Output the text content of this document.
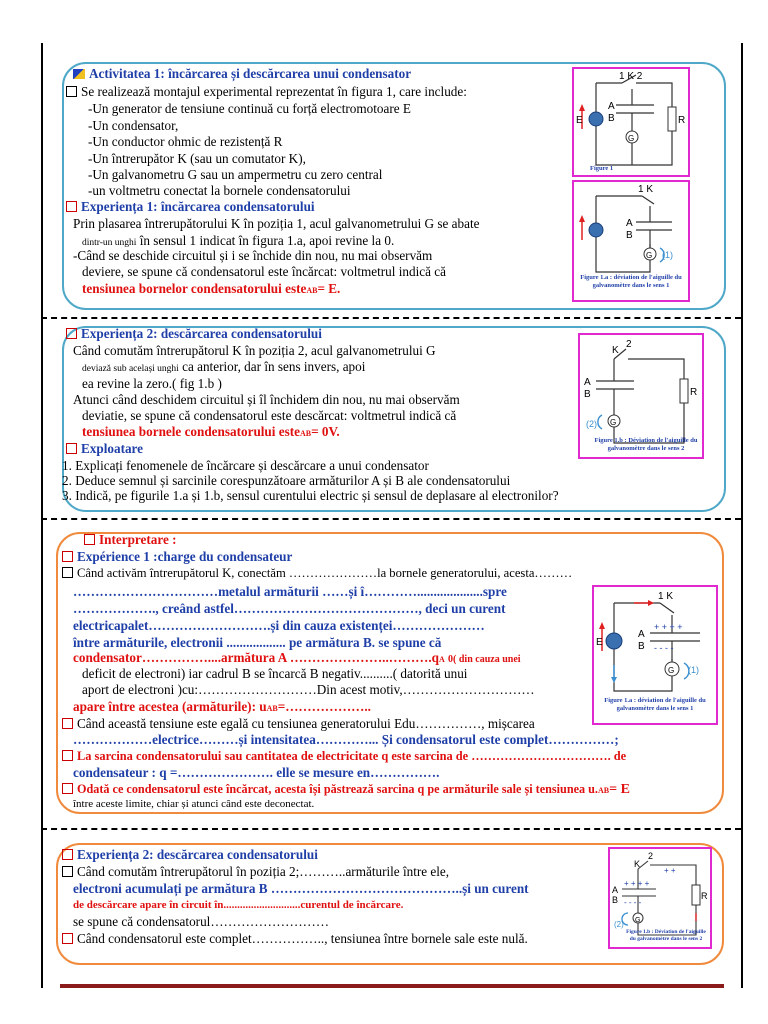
Activitatea 1: încărcarea și descărcarea unui condensator
Se realizează montajul experimental reprezentat în figura 1, care include:
-Un generator de tensiune continuă cu forță electromotoare E
-Un condensator,
-Un conductor ohmic de rezistență R
-Un întrerupător K (sau un comutator K),
-Un galvanometru G sau un ampermetru cu zero central
-un voltmetru conectat la bornele condensatorului
Experiența 1: încărcarea condensatorului
Prin plasarea întrerupătorului K în poziția 1, acul galvanometrului G se abate
dintr-un unghi în sensul 1 indicat în figura 1.a, apoi revine la 0.
-Când se deschide circuitul și i se închide din nou, nu mai observăm
deviere, se spune că condensatorul este încărcat: voltmetrul indică că
tensiunea bornelor condensatorului esteAB= E.
1 K 2
A
B
E	R
G
Figure 1
1 K
A
B
G (1)
Figure 1.a : déviation de l'aiguille du galvanomètre dans le sens 1
Experiența 2: descărcarea condensatorului
Când comutăm întrerupătorul K în poziția 2, acul galvanometrului G
deviază sub același unghi ca anterior, dar în sens invers, apoi
ea revine la zero.( fig 1.b )
Atunci când deschidem circuitul și îl închidem din nou, nu mai observăm
deviatie, se spune că condensatorul este descărcat: voltmetrul indică că
tensiunea bornele condensatorului esteAB= 0V.
Exploatare
1. Explicați fenomenele de încărcare și descărcare a unui condensator
2. Deduce semnul și sarcinile corespunzătoare armăturilor A și B ale condensatorului
3. Indică, pe figurile 1.a și 1.b, sensul curentului electric și sensul de deplasare al electronilor?
K
2
A
B	R
G
(2)
Figure 1.b : Déviation de l'aiguille du galvanomètre dans le sens 2
Interpretare :
Expérience 1 :charge du condensateur
Când activăm întrerupătorul K, conectăm …………………la bornele generatorului, acesta………
……………………………metalul armăturii ……și î…………....................spre
………………., creând astfel……………………………………, deci un curent
electricapalet……………………….și din cauza existenței…………………
între armăturile, electronii .................. pe armătura B. se spune că
condensator……………....armătura A …………………..……….qA 0( din cauza unei
deficit de electroni) iar cadrul B se încarcă B negativ..........( datorită unui
aport de electroni )cu:………………………Din acest motiv,…………………………
apare între acestea (armăturile): uAB=………………..
Când această tensiune este egală cu tensiunea generatorului Edu……………, mișcarea
………………electrice………și intensitatea…………... Și condensatorul este complet……………;
La sarcina condensatorului sau cantitatea de electricitate q este sarcina de ……………………………. de
condensateur : q =…………………. elle se mesure en…………….
Odată ce condensatorul este încărcat, acesta își păstrează sarcina q pe armăturile sale și tensiunea u.AB= E
între aceste limite, chiar și atunci când este deconectat.
+ + + +
- - - -
1 K
A
B
E
G (1)
Figure 1.a : déviation de l'aiguille du galvanomètre dans le sens 1
Experiența 2: descărcarea condensatorului
Când comutăm întrerupătorul în poziția 2;………..armăturile între ele,
electroni acumulați pe armătura B ……………………………………..și un curent
de descărcare apare în circuit în............................curentul de încărcare.
se spune că condensatorul………………………
Când condensatorul este complet…………….., tensiunea între bornele sale este nulă.
+ + + +
- - - -
+ +
K
2
A
B	R
G
(2)
Figure 1.b : Déviation de l'aiguille du galvanomètre dans le sens 2
